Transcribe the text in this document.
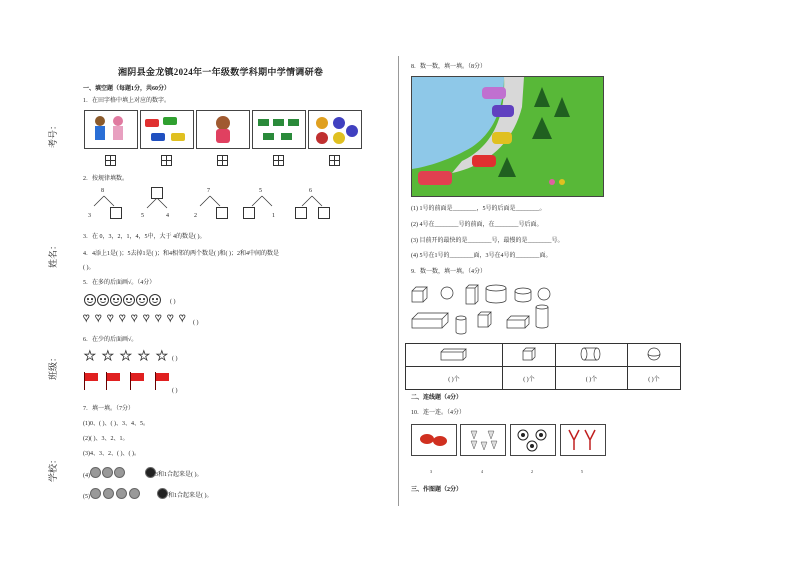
考号：
姓名：
班级：
学校：
湘阴县金龙镇2024年一年级数学科期中学情调研卷
一、填空题（每题1分，共60分）
1．在田字格中填上对应的数字。
2．按规律填数。
8
3	5	4
7
2
5
1
6
3．在 0，3，2，1，4，5中，大于 4的数是( )。
4．4添上1是( )；5去掉1是( )；和4相邻的两个数是( )和( )；2和4中间的数是
( )。
5．在多的后面画√。（4分）
( )
♥ ♥ ♥ ♥ ♥ ♥ ♥ ♥ ♥ ( )
6．在少的后面画√。
★ ★ ★ ★ ★ ( )
( )
7．填一填。（7分）
(1)0、( )、( )、3、4、5。
(2)( )、3、2、1。
(3)4、3、2、( )、( )。
(4)	3和1合起来是( )。
(5)	和1合起来是( )。
8．数一数，填一填。（8分）
(1) 1号的前面是________，5号的后面是________。
(2) 4号在________号的前面，在________号后面。
(3) 目前开的最快的是________号，最慢的是________号。
(4) 5号在1号的________面，3号在4号的________面。
9．数一数，填一填。（4分）

( )个	( )个	( )个	( )个
二、连线题（4分）
10．连一连。（4分）
3	4	2	5
三、作图题（2分）
